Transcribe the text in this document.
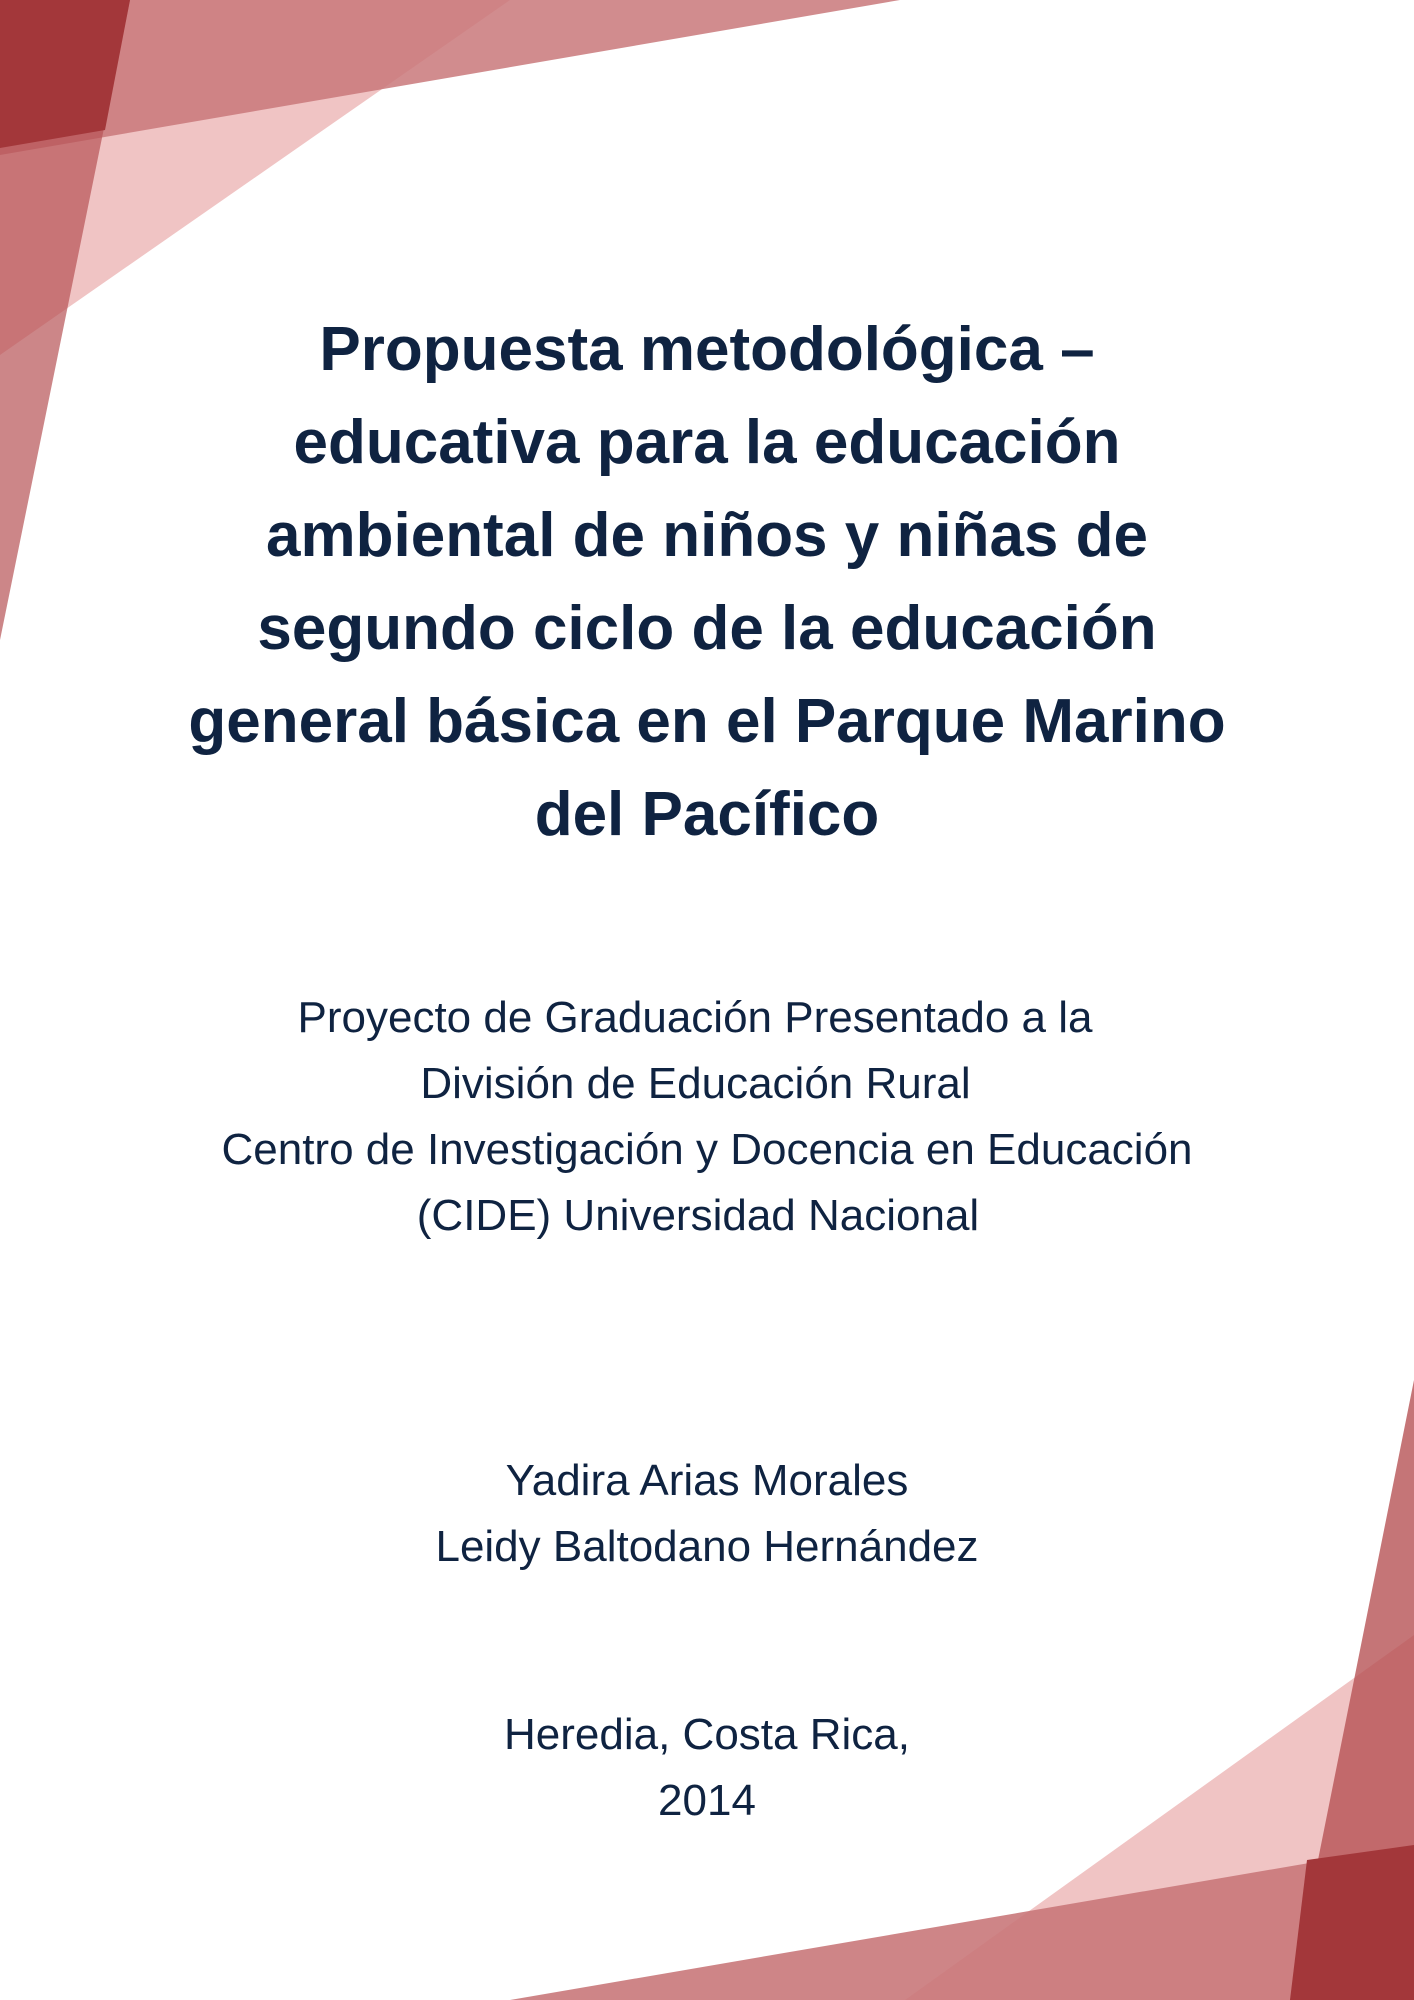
Propuesta metodológica –
educativa para la educación
ambiental de niños y niñas de
segundo ciclo de la educación
general básica en el Parque Marino
del Pacífico
Proyecto de Graduación Presentado a la
División de Educación Rural
Centro de Investigación y Docencia en Educación
(CIDE) Universidad Nacional
Yadira Arias Morales
Leidy Baltodano Hernández
Heredia, Costa Rica,
2014
